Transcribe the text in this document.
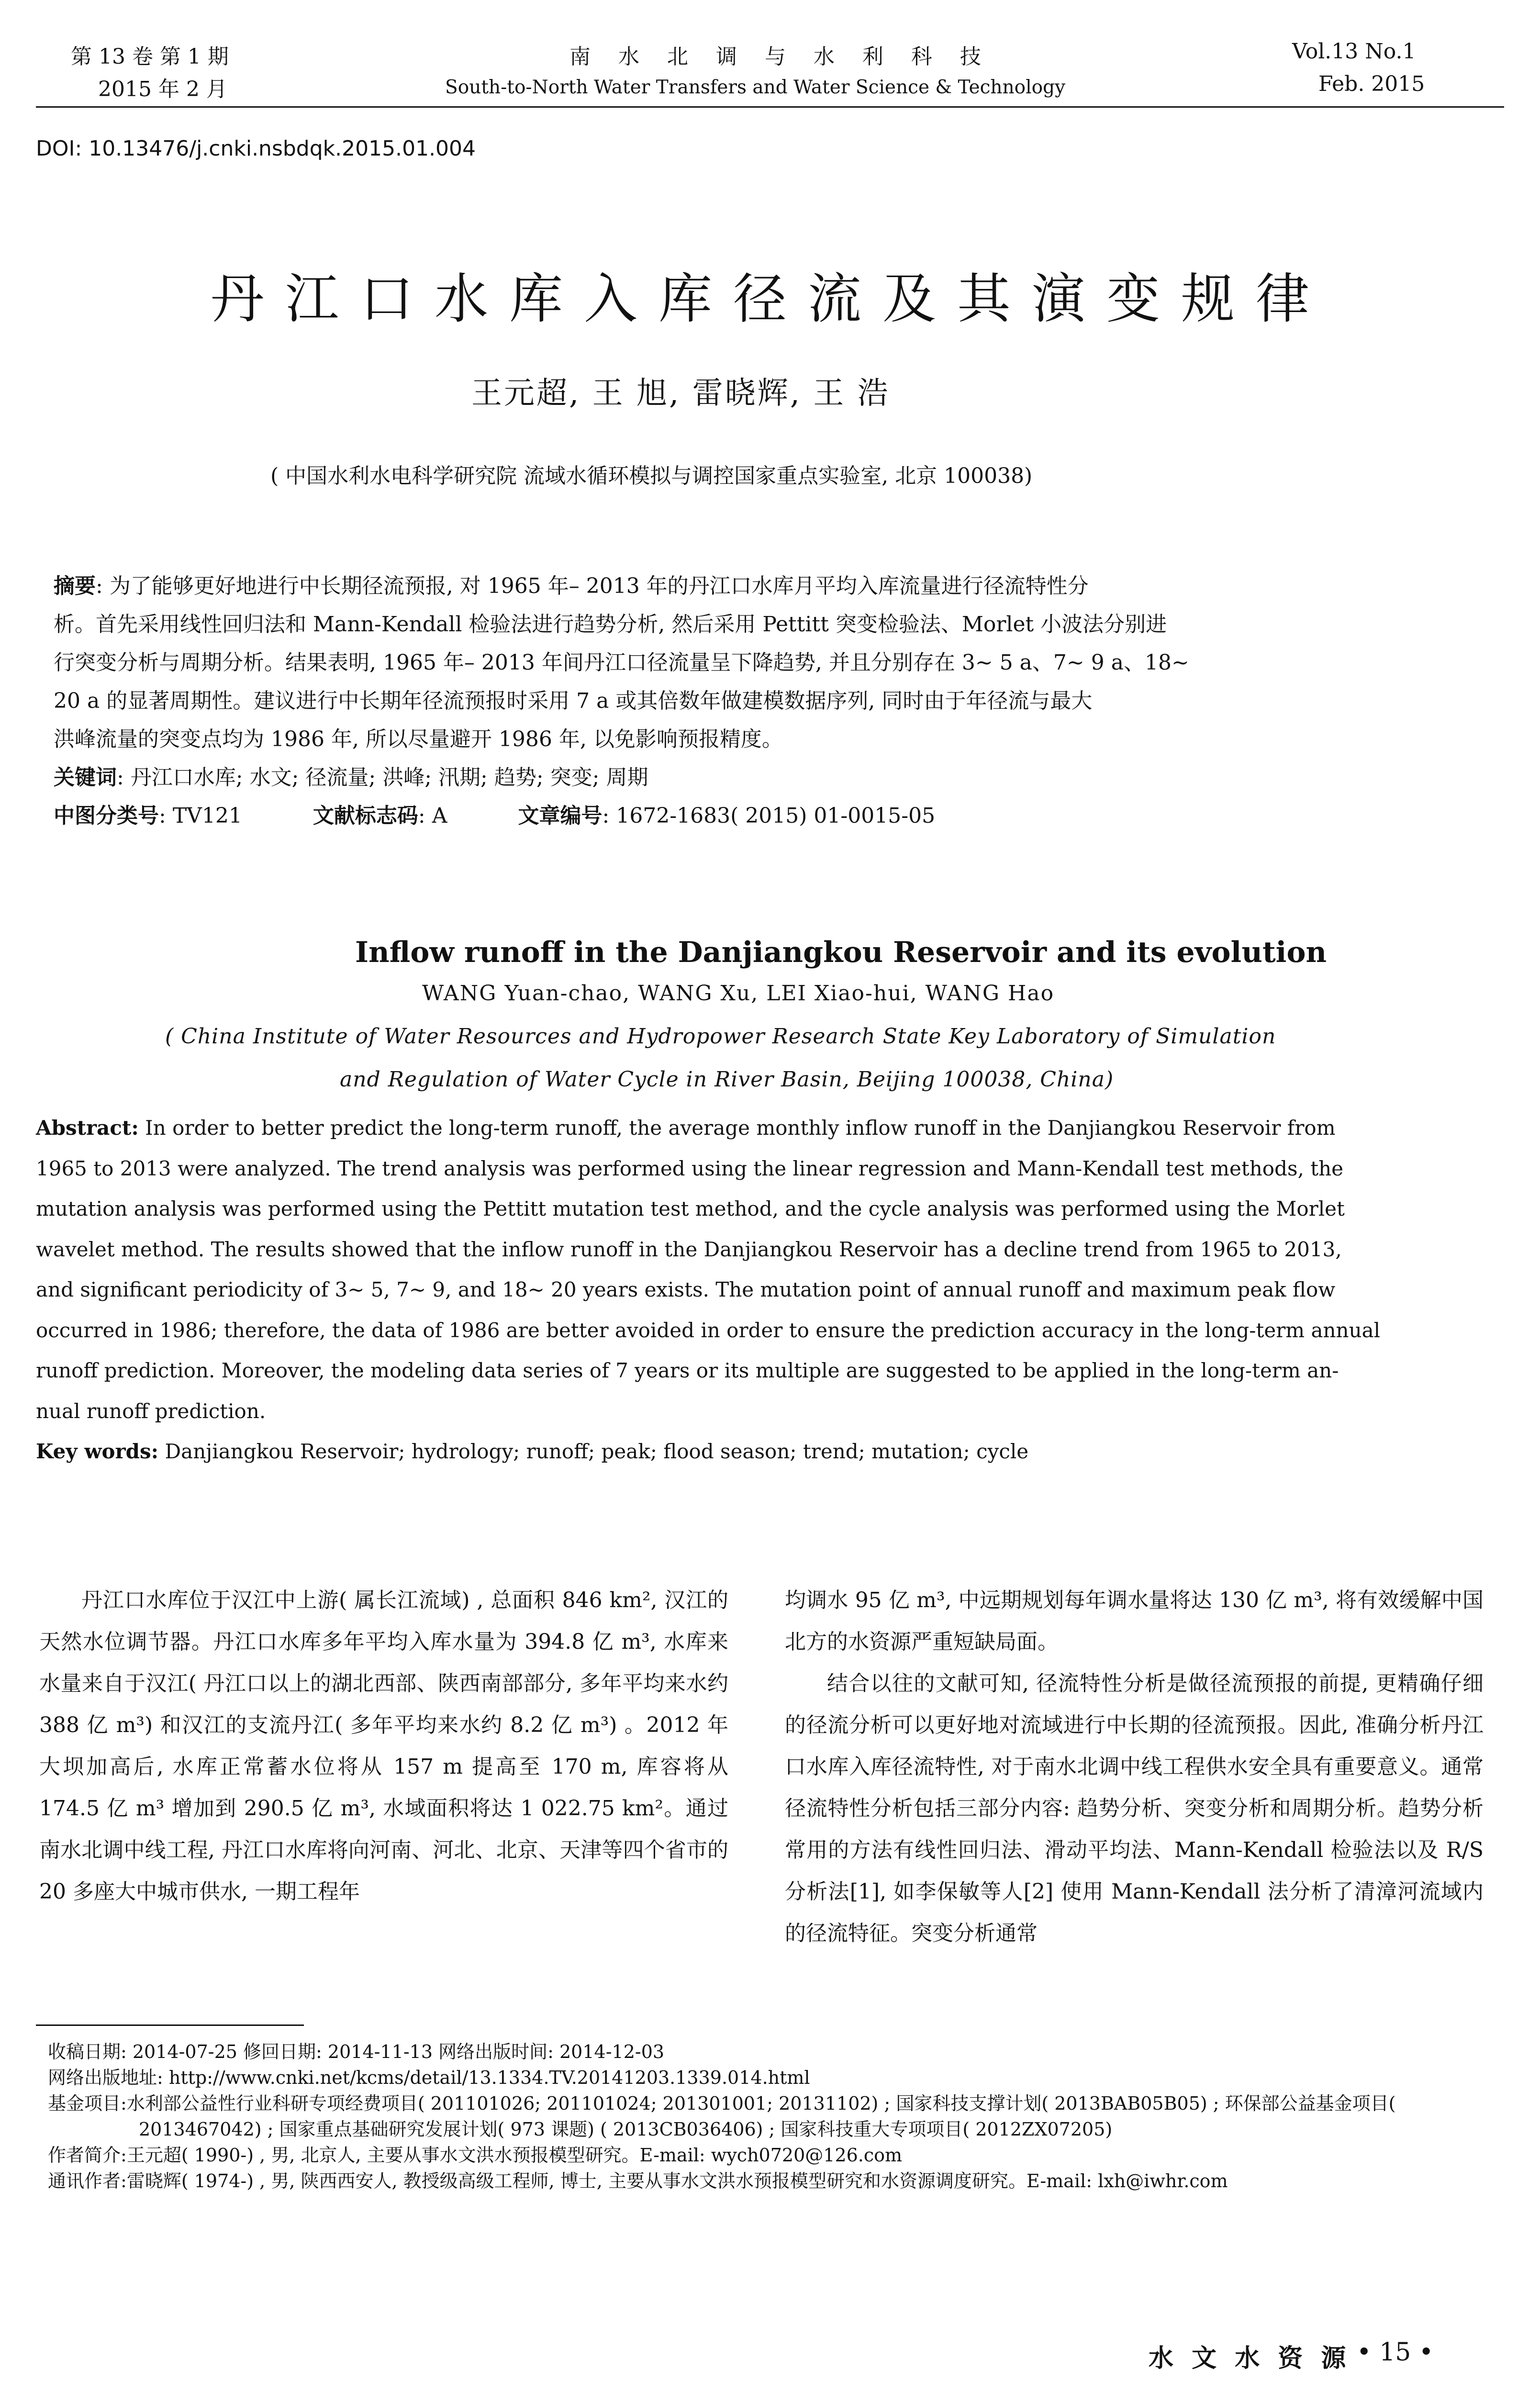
第 13 卷 第 1 期
2015 年 2 月
南 水 北 调 与 水 利 科 技
South-to-North Water Transfers and Water Science & Technology
Vol.13 No.1
Feb. 2015
DOI: 10.13476/j.cnki.nsbdqk.2015.01.004
丹江口水库入库径流及其演变规律
王元超, 王 旭, 雷晓辉, 王 浩
( 中国水利水电科学研究院 流域水循环模拟与调控国家重点实验室, 北京 100038)
摘要: 为了能够更好地进行中长期径流预报, 对 1965 年– 2013 年的丹江口水库月平均入库流量进行径流特性分
析。首先采用线性回归法和 Mann-Kendall 检验法进行趋势分析, 然后采用 Pettitt 突变检验法、Morlet 小波法分别进
行突变分析与周期分析。结果表明, 1965 年– 2013 年间丹江口径流量呈下降趋势, 并且分别存在 3~ 5 a、7~ 9 a、18~
20 a 的显著周期性。建议进行中长期年径流预报时采用 7 a 或其倍数年做建模数据序列, 同时由于年径流与最大
洪峰流量的突变点均为 1986 年, 所以尽量避开 1986 年, 以免影响预报精度。
关键词: 丹江口水库; 水文; 径流量; 洪峰; 汛期; 趋势; 突变; 周期
中图分类号: TV121	文献标志码: A	文章编号: 1672-1683( 2015) 01-0015-05
Inflow runoff in the Danjiangkou Reservoir and its evolution
WANG Yuan-chao, WANG Xu, LEI Xiao-hui, WANG Hao
( China Institute of Water Resources and Hydropower Research State Key Laboratory of Simulation
and Regulation of Water Cycle in River Basin, Beijing 100038, China)
Abstract: In order to better predict the long-term runoff, the average monthly inflow runoff in the Danjiangkou Reservoir from
1965 to 2013 were analyzed. The trend analysis was performed using the linear regression and Mann-Kendall test methods, the
mutation analysis was performed using the Pettitt mutation test method, and the cycle analysis was performed using the Morlet
wavelet method. The results showed that the inflow runoff in the Danjiangkou Reservoir has a decline trend from 1965 to 2013,
and significant periodicity of 3~ 5, 7~ 9, and 18~ 20 years exists. The mutation point of annual runoff and maximum peak flow
occurred in 1986; therefore, the data of 1986 are better avoided in order to ensure the prediction accuracy in the long-term annual
runoff prediction. Moreover, the modeling data series of 7 years or its multiple are suggested to be applied in the long-term an-
nual runoff prediction.
Key words: Danjiangkou Reservoir; hydrology; runoff; peak; flood season; trend; mutation; cycle

丹江口水库位于汉江中上游( 属长江流域) , 总面积 846 km², 汉江的天然水位调节器。丹江口水库多年平均入库水量为 394.8 亿 m³, 水库来水量来自于汉江( 丹江口以上的湖北西部、陕西南部部分, 多年平均来水约 388 亿 m³) 和汉江的支流丹江( 多年平均来水约 8.2 亿 m³) 。2012 年大坝加高后, 水库正常蓄水位将从 157 m 提高至 170 m, 库容将从 174.5 亿 m³ 增加到 290.5 亿 m³, 水域面积将达 1 022.75 km²。通过南水北调中线工程, 丹江口水库将向河南、河北、北京、天津等四个省市的 20 多座大中城市供水, 一期工程年

均调水 95 亿 m³, 中远期规划每年调水量将达 130 亿 m³, 将有效缓解中国北方的水资源严重短缺局面。

结合以往的文献可知, 径流特性分析是做径流预报的前提, 更精确仔细的径流分析可以更好地对流域进行中长期的径流预报。因此, 准确分析丹江口水库入库径流特性, 对于南水北调中线工程供水安全具有重要意义。通常径流特性分析包括三部分内容: 趋势分析、突变分析和周期分析。趋势分析常用的方法有线性回归法、滑动平均法、Mann-Kendall 检验法以及 R/S 分析法[1], 如李保敏等人[2] 使用 Mann-Kendall 法分析了清漳河流域内的径流特征。突变分析通常

收稿日期: 2014-07-25 修回日期: 2014-11-13 网络出版时间: 2014-12-03
网络出版地址: http://www.cnki.net/kcms/detail/13.1334.TV.20141203.1339.014.html
基金项目:水利部公益性行业科研专项经费项目( 201101026; 201101024; 201301001; 20131102) ; 国家科技支撑计划( 2013BAB05B05) ; 环保部公益基金项目( 2013467042) ; 国家重点基础研究发展计划( 973 课题) ( 2013CB036406) ; 国家科技重大专项项目( 2012ZX07205)
作者简介:王元超( 1990-) , 男, 北京人, 主要从事水文洪水预报模型研究。E-mail: wych0720@126.com
通讯作者:雷晓辉( 1974-) , 男, 陕西西安人, 教授级高级工程师, 博士, 主要从事水文洪水预报模型研究和水资源调度研究。E-mail: lxh@iwhr.com
水 文 水 资 源 • 15 •
